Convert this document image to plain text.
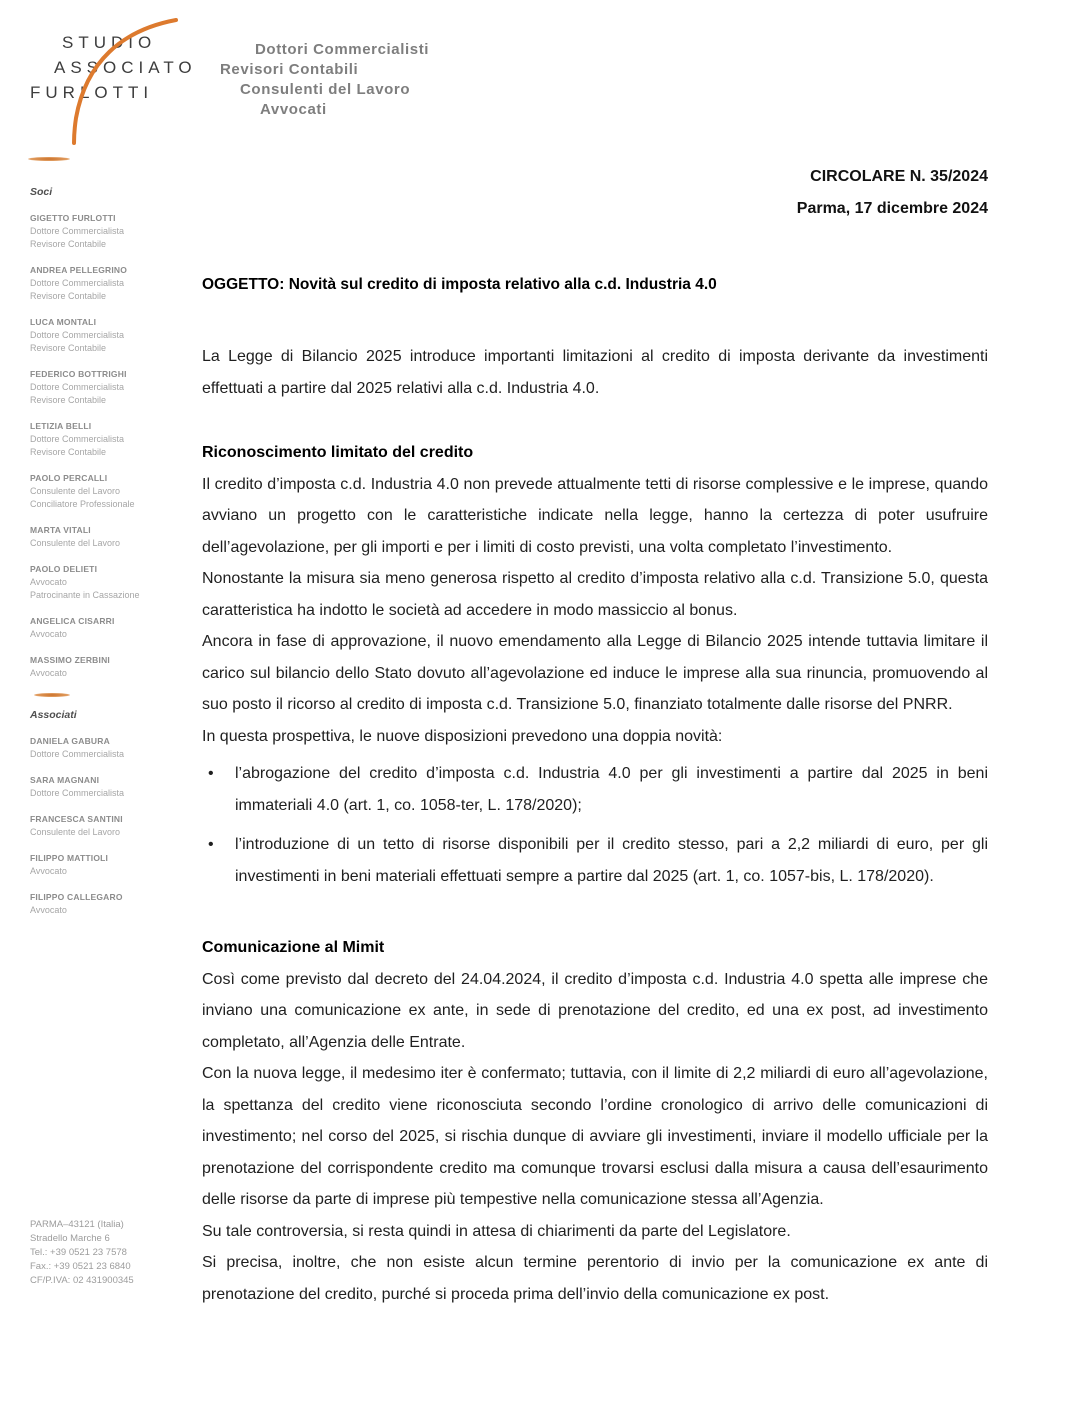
STUDIO
ASSOCIATO
FURLOTTI
Dottori Commercialisti
Revisori Contabili
Consulenti del Lavoro
Avvocati
Soci
GIGETTO FURLOTTI
Dottore Commercialista
Revisore Contabile
ANDREA PELLEGRINO
Dottore Commercialista
Revisore Contabile
LUCA MONTALI
Dottore Commercialista
Revisore Contabile
FEDERICO BOTTRIGHI
Dottore Commercialista
Revisore Contabile
LETIZIA BELLI
Dottore Commercialista
Revisore Contabile
PAOLO PERCALLI
Consulente del Lavoro
Conciliatore Professionale
MARTA VITALI
Consulente del Lavoro
PAOLO DELIETI
Avvocato
Patrocinante in Cassazione
ANGELICA CISARRI
Avvocato
MASSIMO ZERBINI
Avvocato
Associati
DANIELA GABURA
Dottore Commercialista
SARA MAGNANI
Dottore Commercialista
FRANCESCA SANTINI
Consulente del Lavoro
FILIPPO MATTIOLI
Avvocato
FILIPPO CALLEGARO
Avvocato
PARMA–43121 (Italia)
Stradello Marche 6
Tel.: +39 0521 23 7578
Fax.: +39 0521 23 6840
CF/P.IVA: 02 431900345
CIRCOLARE N. 35/2024
Parma, 17 dicembre 2024
OGGETTO: Novità sul credito di imposta relativo alla c.d. Industria 4.0

La Legge di Bilancio 2025 introduce importanti limitazioni al credito di imposta derivante da investimenti effettuati a partire dal 2025 relativi alla c.d. Industria 4.0.

Riconoscimento limitato del credito

Il credito d’imposta c.d. Industria 4.0 non prevede attualmente tetti di risorse complessive e le imprese, quando avviano un progetto con le caratteristiche indicate nella legge, hanno la certezza di poter usufruire dell’agevolazione, per gli importi e per i limiti di costo previsti, una volta completato l’investimento.

Nonostante la misura sia meno generosa rispetto al credito d’imposta relativo alla c.d. Transizione 5.0, questa caratteristica ha indotto le società ad accedere in modo massiccio al bonus.

Ancora in fase di approvazione, il nuovo emendamento alla Legge di Bilancio 2025 intende tuttavia limitare il carico sul bilancio dello Stato dovuto all’agevolazione ed induce le imprese alla sua rinuncia, promuovendo al suo posto il ricorso al credito di imposta c.d. Transizione 5.0, finanziato totalmente dalle risorse del PNRR.

In questa prospettiva, le nuove disposizioni prevedono una doppia novità:

• l’abrogazione del credito d’imposta c.d. Industria 4.0 per gli investimenti a partire dal 2025 in beni immateriali 4.0 (art. 1, co. 1058-ter, L. 178/2020);
• l’introduzione di un tetto di risorse disponibili per il credito stesso, pari a 2,2 miliardi di euro, per gli investimenti in beni materiali effettuati sempre a partire dal 2025 (art. 1, co. 1057-bis, L. 178/2020).
Comunicazione al Mimit

Così come previsto dal decreto del 24.04.2024, il credito d’imposta c.d. Industria 4.0 spetta alle imprese che inviano una comunicazione ex ante, in sede di prenotazione del credito, ed una ex post, ad investimento completato, all’Agenzia delle Entrate.

Con la nuova legge, il medesimo iter è confermato; tuttavia, con il limite di 2,2 miliardi di euro all’agevolazione, la spettanza del credito viene riconosciuta secondo l’ordine cronologico di arrivo delle comunicazioni di investimento; nel corso del 2025, si rischia dunque di avviare gli investimenti, inviare il modello ufficiale per la prenotazione del corrispondente credito ma comunque trovarsi esclusi dalla misura a causa dell’esaurimento delle risorse da parte di imprese più tempestive nella comunicazione stessa all’Agenzia.

Su tale controversia, si resta quindi in attesa di chiarimenti da parte del Legislatore.

Si precisa, inoltre, che non esiste alcun termine perentorio di invio per la comunicazione ex ante di prenotazione del credito, purché si proceda prima dell’invio della comunicazione ex post.
